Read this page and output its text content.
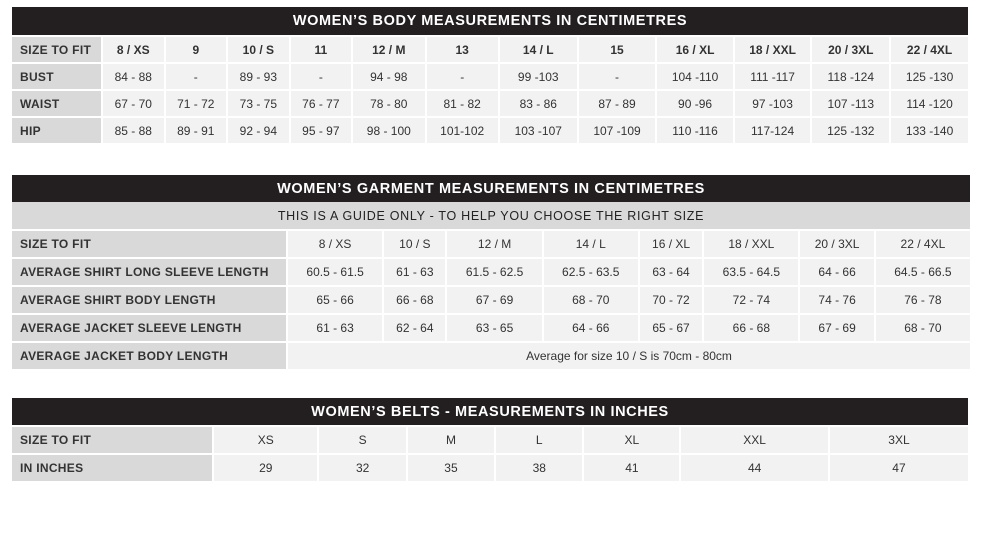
WOMEN’S BODY MEASUREMENTS IN CENTIMETRES
SIZE TO FIT	8 / XS	9	10 / S	11	12 / M	13	14 / L	15	16 / XL	18 / XXL	20 / 3XL	22 / 4XL
BUST	84 - 88	-	89 - 93	-	94 - 98	-	99 -103	-	104 -110	111 -117	118 -124	125 -130
WAIST	67 - 70	71 - 72	73 - 75	76 - 77	78 - 80	81 - 82	83 - 86	87 - 89	90 -96	97 -103	107 -113	114 -120
HIP	85 - 88	89 - 91	92 - 94	95 - 97	98 - 100	101-102	103 -107	107 -109	110 -116	117-124	125 -132	133 -140
WOMEN’S GARMENT MEASUREMENTS IN CENTIMETRES
THIS IS A GUIDE ONLY - TO HELP YOU CHOOSE THE RIGHT SIZE
SIZE TO FIT	8 / XS	10 / S	12 / M	14 / L	16 / XL	18 / XXL	20 / 3XL	22 / 4XL
AVERAGE SHIRT LONG SLEEVE LENGTH	60.5 - 61.5	61 - 63	61.5 - 62.5	62.5 - 63.5	63 - 64	63.5 - 64.5	64 - 66	64.5 - 66.5
AVERAGE SHIRT BODY LENGTH	65 - 66	66 - 68	67 - 69	68 - 70	70 - 72	72 - 74	74 - 76	76 - 78
AVERAGE JACKET SLEEVE LENGTH	61 - 63	62 - 64	63 - 65	64 - 66	65 - 67	66 - 68	67 - 69	68 - 70
AVERAGE JACKET BODY LENGTH	Average for size 10 / S is 70cm - 80cm							
WOMEN’S BELTS - MEASUREMENTS IN INCHES
SIZE TO FIT	XS	S	M	L	XL	XXL	3XL
IN INCHES	29	32	35	38	41	44	47
